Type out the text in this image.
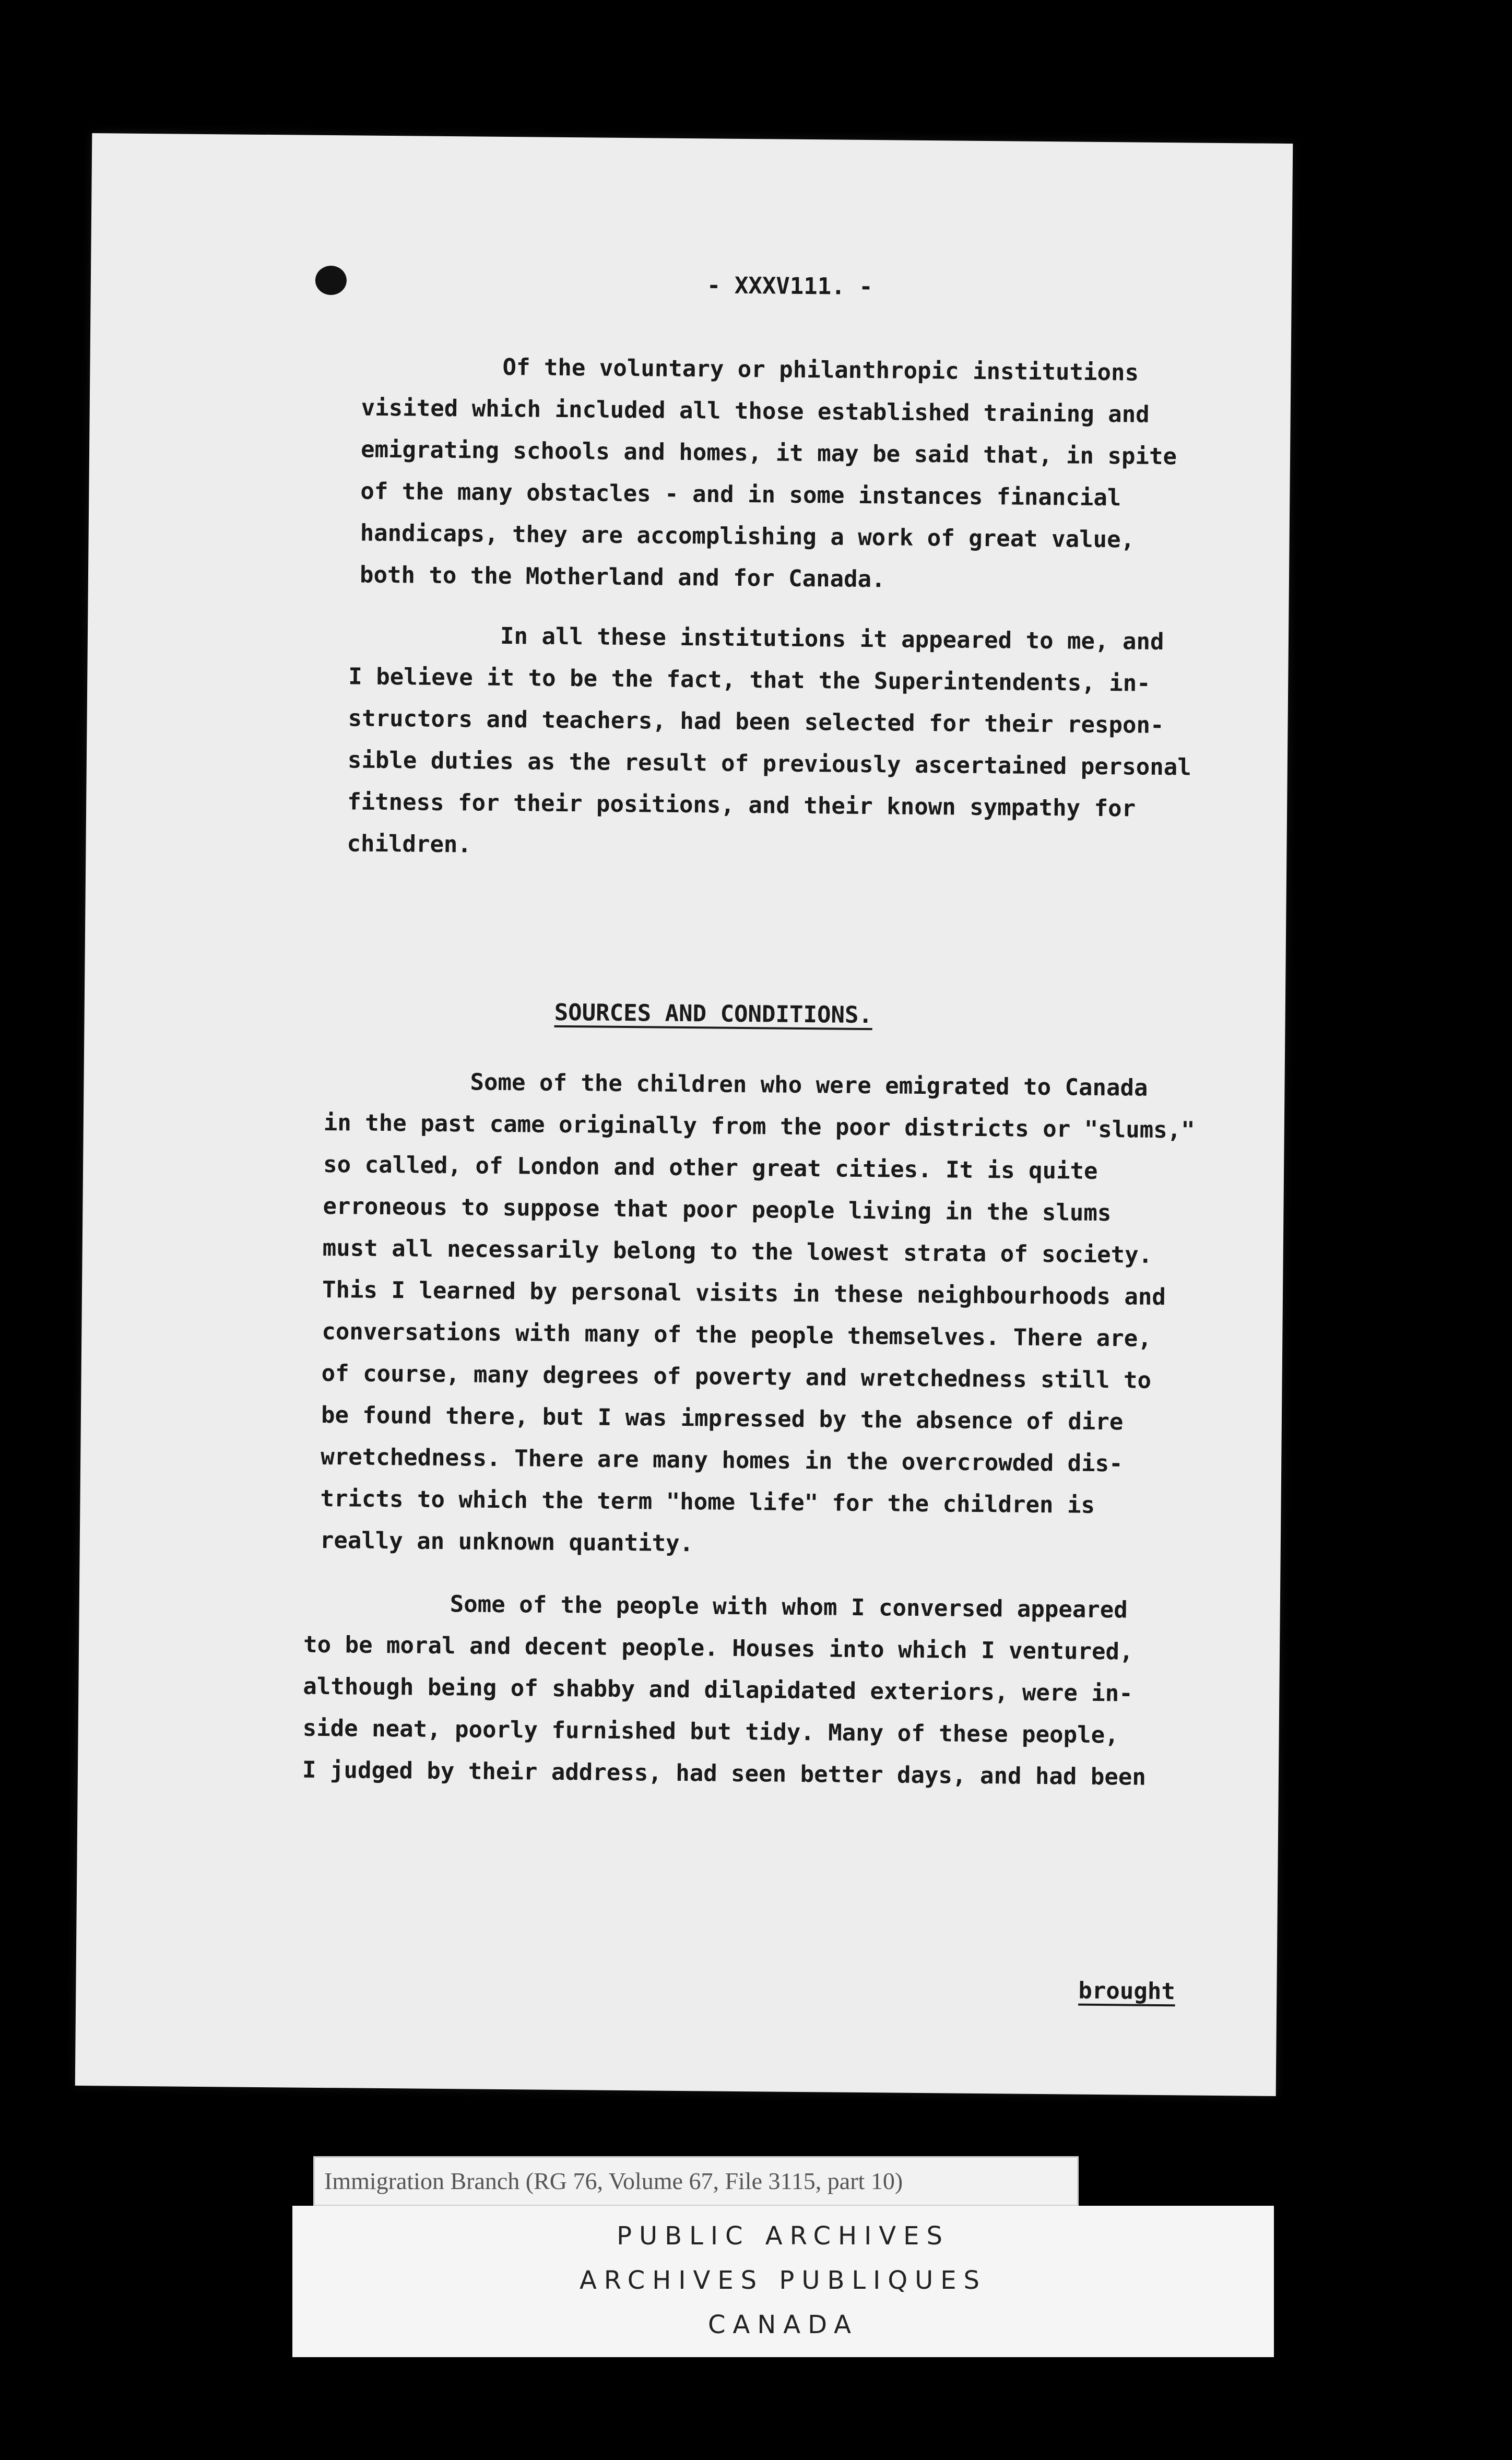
- XXXV111. -
Of the voluntary or philanthropic institutions
visited which included all those established training and
emigrating schools and homes, it may be said that, in spite
of the many obstacles - and in some instances financial
handicaps, they are accomplishing a work of great value,
both to the Motherland and for Canada.
In all these institutions it appeared to me, and
I believe it to be the fact, that the Superintendents, in-
structors and teachers, had been selected for their respon-
sible duties as the result of previously ascertained personal
fitness for their positions, and their known sympathy for
children.
SOURCES AND CONDITIONS.
Some of the children who were emigrated to Canada
in the past came originally from the poor districts or "slums,"
so called, of London and other great cities. It is quite
erroneous to suppose that poor people living in the slums
must all necessarily belong to the lowest strata of society.
This I learned by personal visits in these neighbourhoods and
conversations with many of the people themselves. There are,
of course, many degrees of poverty and wretchedness still to
be found there, but I was impressed by the absence of dire
wretchedness. There are many homes in the overcrowded dis-
tricts to which the term "home life" for the children is
really an unknown quantity.
Some of the people with whom I conversed appeared
to be moral and decent people. Houses into which I ventured,
although being of shabby and dilapidated exteriors, were in-
side neat, poorly furnished but tidy. Many of these people,
I judged by their address, had seen better days, and had been
brought
Immigration Branch (RG 76, Volume 67, File 3115, part 10)
PUBLIC ARCHIVES
ARCHIVES PUBLIQUES
CANADA
